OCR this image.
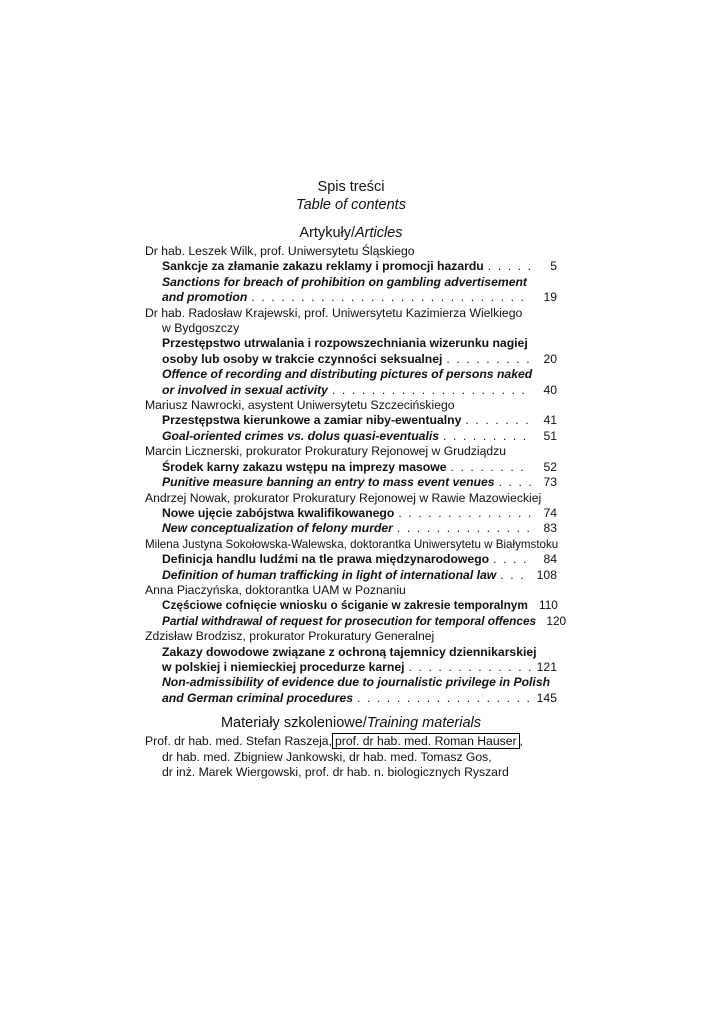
Spis treści
Table of contents
Artykuły/Articles
Dr hab. Leszek Wilk, prof. Uniwersytetu Śląskiego
Sankcje za złamanie zakazu reklamy i promocji hazardu . . .	5
Sanctions for breach of prohibition on gambling advertisement
and promotion . . .	19
Dr hab. Radosław Krajewski, prof. Uniwersytetu Kazimierza Wielkiego
w Bydgoszczy
Przestępstwo utrwalania i rozpowszechniania wizerunku nagiej
osoby lub osoby w trakcie czynności seksualnej . . .	20
Offence of recording and distributing pictures of persons naked
or involved in sexual activity . . .	40
Mariusz Nawrocki, asystent Uniwersytetu Szczecińskiego
Przestępstwa kierunkowe a zamiar niby-ewentualny . . .	41
Goal-oriented crimes vs. dolus quasi-eventualis . . .	51
Marcin Licznerski, prokurator Prokuratury Rejonowej w Grudziądzu
Środek karny zakazu wstępu na imprezy masowe . . .	52
Punitive measure banning an entry to mass event venues . . .	73
Andrzej Nowak, prokurator Prokuratury Rejonowej w Rawie Mazowieckiej
Nowe ujęcie zabójstwa kwalifikowanego . . .	74
New conceptualization of felony murder . . .	83
Milena Justyna Sokołowska-Walewska, doktorantka Uniwersytetu w Białymstoku
Definicja handlu ludźmi na tle prawa międzynarodowego . . .	84
Definition of human trafficking in light of international law . . .	108
Anna Piaczyńska, doktorantka UAM w Poznaniu
Częściowe cofnięcie wniosku o ściganie w zakresie temporalnym 110
Partial withdrawal of request for prosecution for temporal offences 120
Zdzisław Brodzisz, prokurator Prokuratury Generalnej
Zakazy dowodowe związane z ochroną tajemnicy dziennikarskiej
w polskiej i niemieckiej procedurze karnej . . .	121
Non-admissibility of evidence due to journalistic privilege in Polish
and German criminal procedures . . .	145
Materiały szkoleniowe/Training materials
Prof. dr hab. med. Stefan Raszeja, prof. dr hab. med. Roman Hauser ,
dr hab. med. Zbigniew Jankowski, dr hab. med. Tomasz Gos,
dr inż. Marek Wiergowski, prof. dr hab. n. biologicznych Ryszard
